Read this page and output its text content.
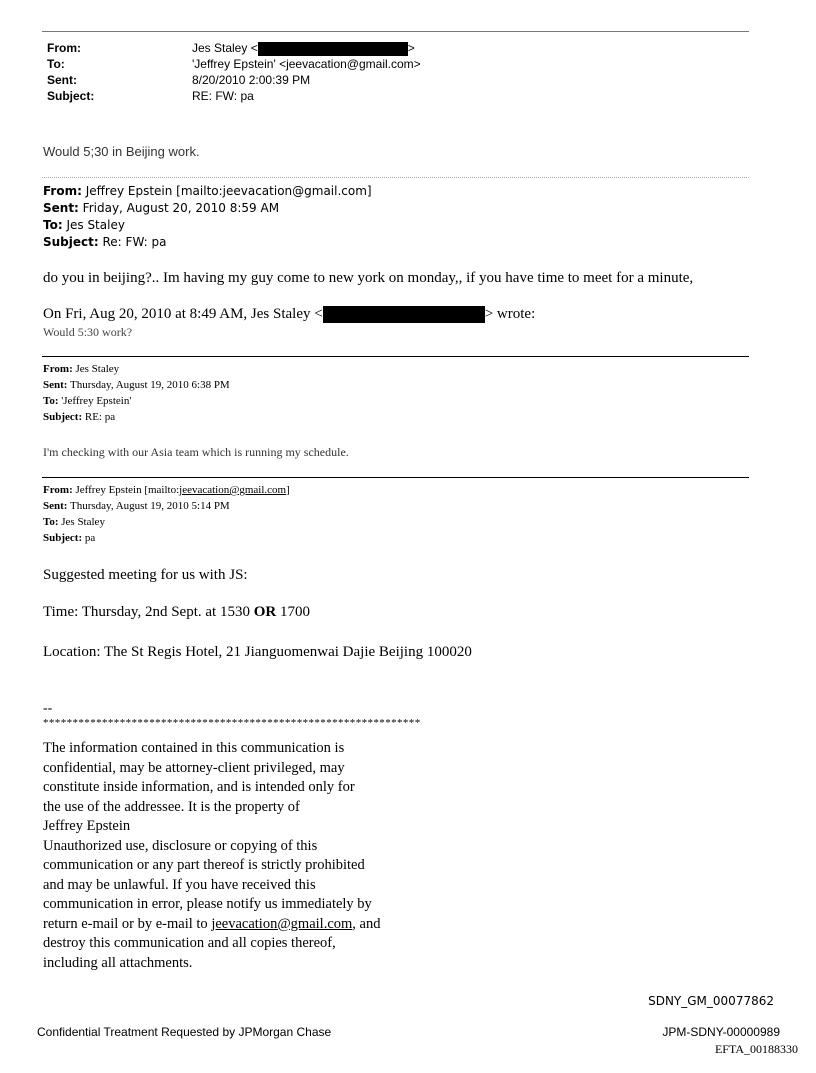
From:	Jes Staley <	>
To:	'Jeffrey Epstein' <jeevacation@gmail.com>
Sent:	8/20/2010 2:00:39 PM
Subject:	RE: FW: pa
Would 5;30 in Beijing work.
From: Jeffrey Epstein [mailto:jeevacation@gmail.com]
Sent: Friday, August 20, 2010 8:59 AM
To: Jes Staley
Subject: Re: FW: pa
do you in beijing?.. Im having my guy come to new york on monday,, if you have time to meet for a minute,
On Fri, Aug 20, 2010 at 8:49 AM, Jes Staley <	> wrote:
Would 5:30 work?
From: Jes Staley
Sent: Thursday, August 19, 2010 6:38 PM
To: 'Jeffrey Epstein'
Subject: RE: pa
I'm checking with our Asia team which is running my schedule.
From: Jeffrey Epstein [mailto:jeevacation@gmail.com]
Sent: Thursday, August 19, 2010 5:14 PM
To: Jes Staley
Subject: pa
Suggested meeting for us with JS:
Time: Thursday, 2nd Sept. at 1530 OR 1700
Location: The St Regis Hotel, 21 Jianguomenwai Dajie Beijing 100020
--
****************************************************************
The information contained in this communication is
confidential, may be attorney-client privileged, may
constitute inside information, and is intended only for
the use of the addressee. It is the property of
Jeffrey Epstein
Unauthorized use, disclosure or copying of this
communication or any part thereof is strictly prohibited
and may be unlawful. If you have received this
communication in error, please notify us immediately by
return e-mail or by e-mail to jeevacation@gmail.com, and
destroy this communication and all copies thereof,
including all attachments.
SDNY_GM_00077862
Confidential Treatment Requested by JPMorgan Chase	JPM-SDNY-00000989
EFTA_00188330
